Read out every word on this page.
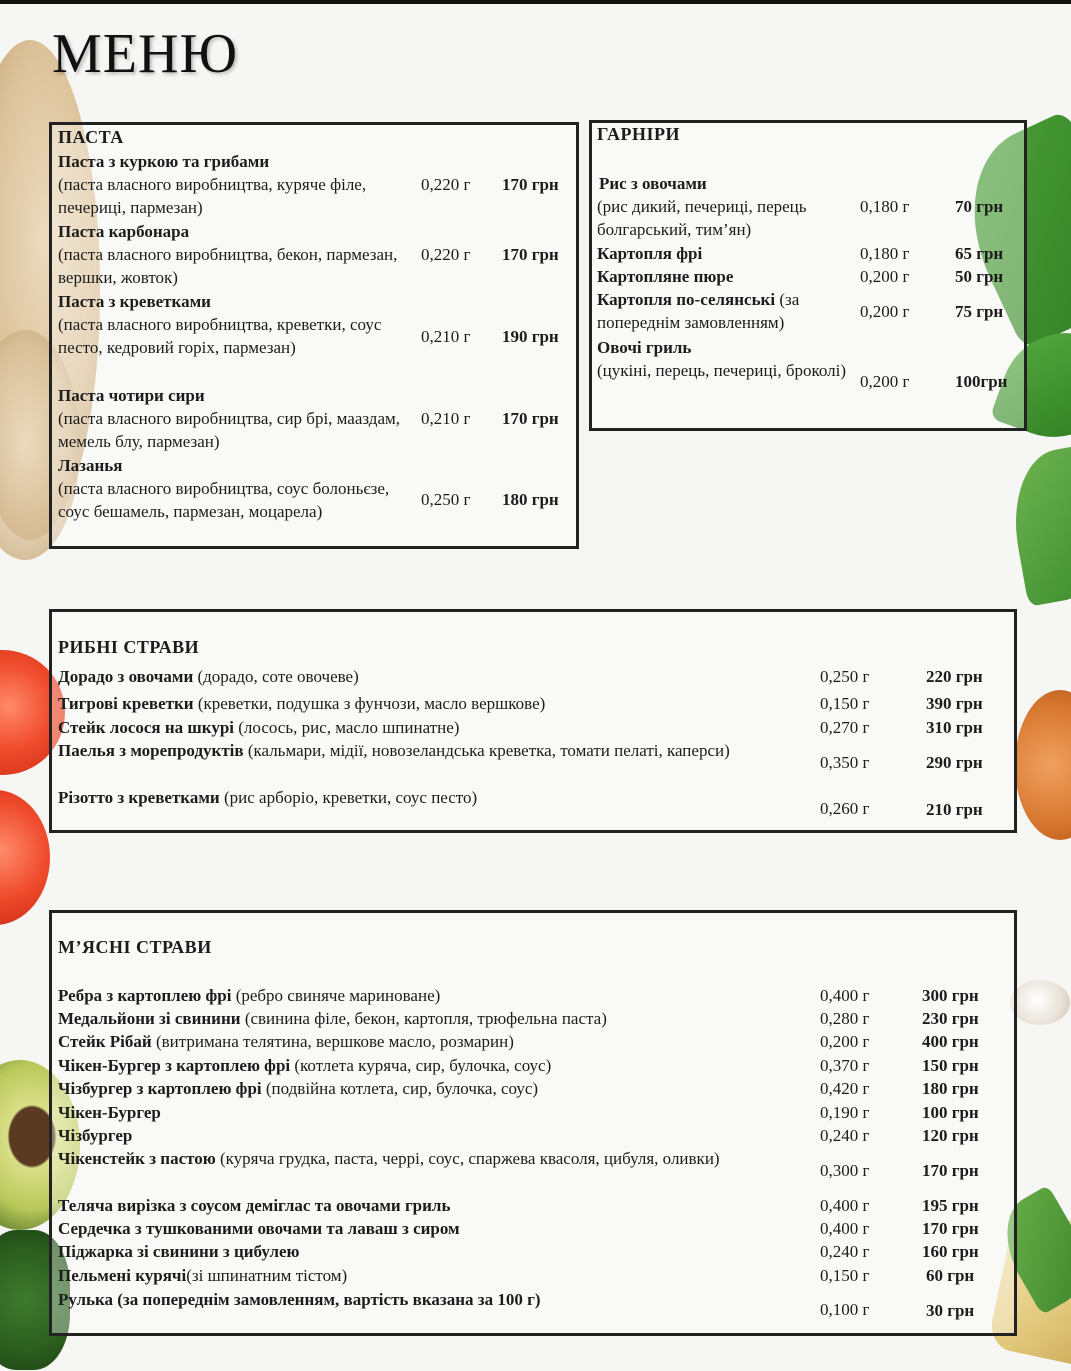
МЕНЮ
ПАСТА
Паста з куркою та грибами
(паста власного виробництва, куряче філе, печериці, пармезан)
0,220 г 170 грн
Паста карбонара
(паста власного виробництва, бекон, пармезан, вершки, жовток)
0,220 г 170 грн
Паста з креветками
(паста власного виробництва, креветки, соус песто, кедровий горіх, пармезан)
0,210 г 190 грн
Паста чотири сири
(паста власного виробництва, сир брі, мааздам, мемель блу, пармезан)
0,210 г 170 грн
Лазанья
(паста власного виробництва, соус болоньєзе, соус бешамель, пармезан, моцарела)
0,250 г 180 грн
ГАРНІРИ
Рис з овочами
(рис дикий, печериці, перець болгарський, тим’ян)
0,180 г	70 грн
Картопля фрі	0,180 г	65 грн
Картопляне пюре	0,200 г	50 грн
Картопля по-селянські (за попереднім замовленням)
0,200 г	75 грн
Овочі гриль
(цукіні, перець, печериці, броколі)
0,200 г	100грн
РИБНІ СТРАВИ
Дорадо з овочами (дорадо, соте овочеве)	0,250 г	220 грн
Тигрові креветки (креветки, подушка з фунчози, масло вершкове)	0,150 г	390 грн
Стейк лосося на шкурі (лосось, рис, масло шпинатне)	0,270 г	310 грн
Паелья з морепродуктів (кальмари, мідії, новозеландська креветка, томати пелаті, каперси)
0,350 г	290 грн
Різотто з креветками (рис арборіо, креветки, соус песто)
0,260 г	210 грн
М’ЯСНІ СТРАВИ
Ребра з картоплею фрі (ребро свиняче мариноване)	0,400 г	300 грн
Медальйони зі свинини (свинина філе, бекон, картопля, трюфельна паста)	0,280 г	230 грн
Стейк Рібай (витримана телятина, вершкове масло, розмарин)	0,200 г	400 грн
Чікен-Бургер з картоплею фрі (котлета куряча, сир, булочка, соус)	0,370 г	150 грн
Чізбургер з картоплею фрі (подвійна котлета, сир, булочка, соус)	0,420 г	180 грн
Чікен-Бургер	0,190 г	100 грн
Чізбургер	0,240 г	120 грн
Чікенстейк з пастою (куряча грудка, паста, черрі, соус, спаржева квасоля, цибуля, оливки)
0,300 г	170 грн
Теляча вирізка з соусом деміглас та овочами гриль	0,400 г	195 грн
Сердечка з тушкованими овочами та лаваш з сиром	0,400 г	170 грн
Піджарка зі свинини з цибулею	0,240 г	160 грн
Пельмені курячі(зі шпинатним тістом)	0,150 г	60 грн
Рулька (за попереднім замовленням, вартість вказана за 100 г)
0,100 г	30 грн
